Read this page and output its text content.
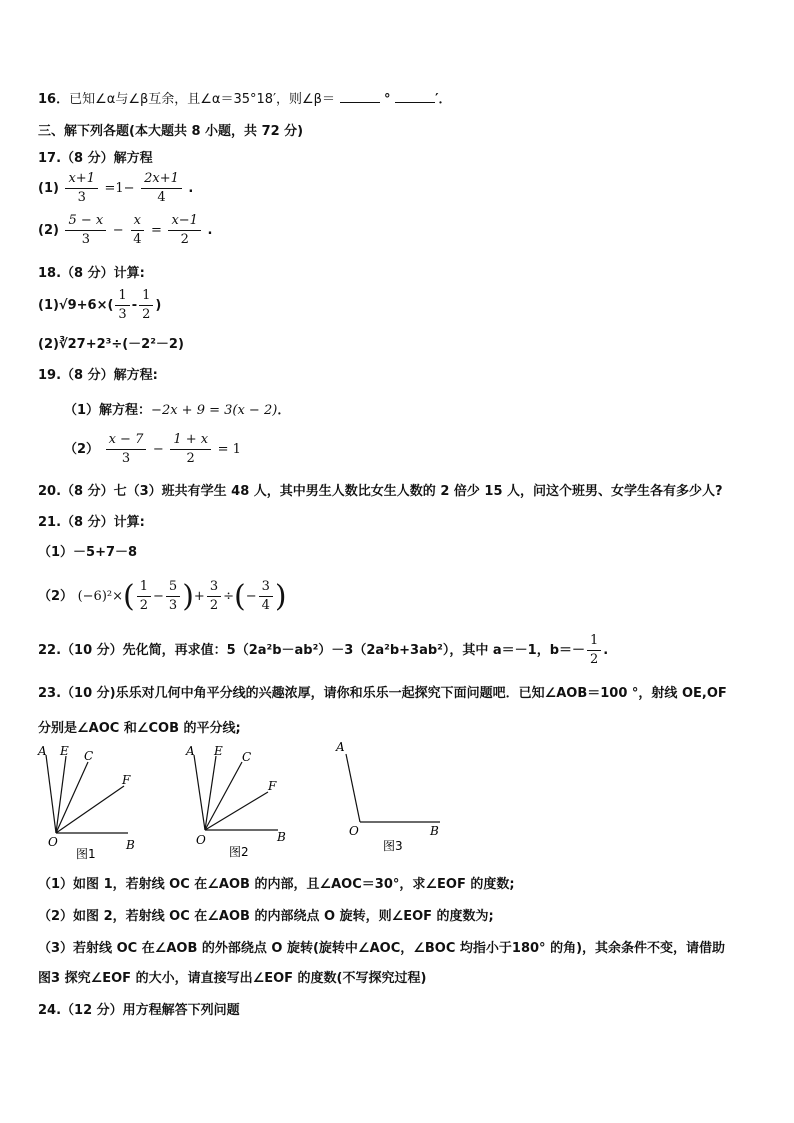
16．已知∠α与∠β互余，且∠α＝35°18′，则∠β＝	°	′．
三、解下列各题(本大题共 8 小题，共 72 分)
17.（8 分）解方程
$(1) \frac{x+1}{3} =1- \frac{2x+1}{4}$ .
$(2) \frac{5 - x}{3} - \frac{x}{4} = \frac{x-1}{2}$ .
18.（8 分）计算:
$(1)√9+6\times( \frac{1}{3} - \frac{1}{2}$ )
(2)∛27+2³÷(－2²－2)
19.（8 分）解方程:
（1）解方程：−2x + 9 = 3(x − 2)．
$(2) \frac{x - 7}{3} - \frac{1 + x}{2} = 1$
20.（8 分）七（3）班共有学生 48 人，其中男生人数比女生人数的 2 倍少 15 人，问这个班男、女学生各有多少人?
21.（8 分）计算:
（1）－5+7－8
（2） $(-6)^2\times( \frac{1}{2} - \frac{5}{3}$ )+ $\frac{3}{2}$ ÷(− $\frac{3}{4}$ )
22.（10 分）先化简，再求值：5（2a²b－ab²）－3（2a²b+3ab²），其中 a＝－1，$b=- \frac{1}{2}$ .
23.（10 分)乐乐对几何中角平分线的兴趣浓厚，请你和乐乐一起探究下面问题吧．已知∠AOB＝100 °，射线 OE,OF
分别是∠AOC 和∠COB 的平分线;
A E C
F
O	B
图1
A E C
F
O	B
图2
A
O	B
图3
（1）如图 1，若射线 OC 在∠AOB 的内部，且∠AOC＝30°，求∠EOF 的度数;
（2）如图 2，若射线 OC 在∠AOB 的内部绕点 O 旋转，则∠EOF 的度数为;
（3）若射线 OC 在∠AOB 的外部绕点 O 旋转(旋转中∠AOC，∠BOC 均指小于180° 的角)，其余条件不变，请借助
图3 探究∠EOF 的大小，请直接写出∠EOF 的度数(不写探究过程)
24.（12 分）用方程解答下列问题
